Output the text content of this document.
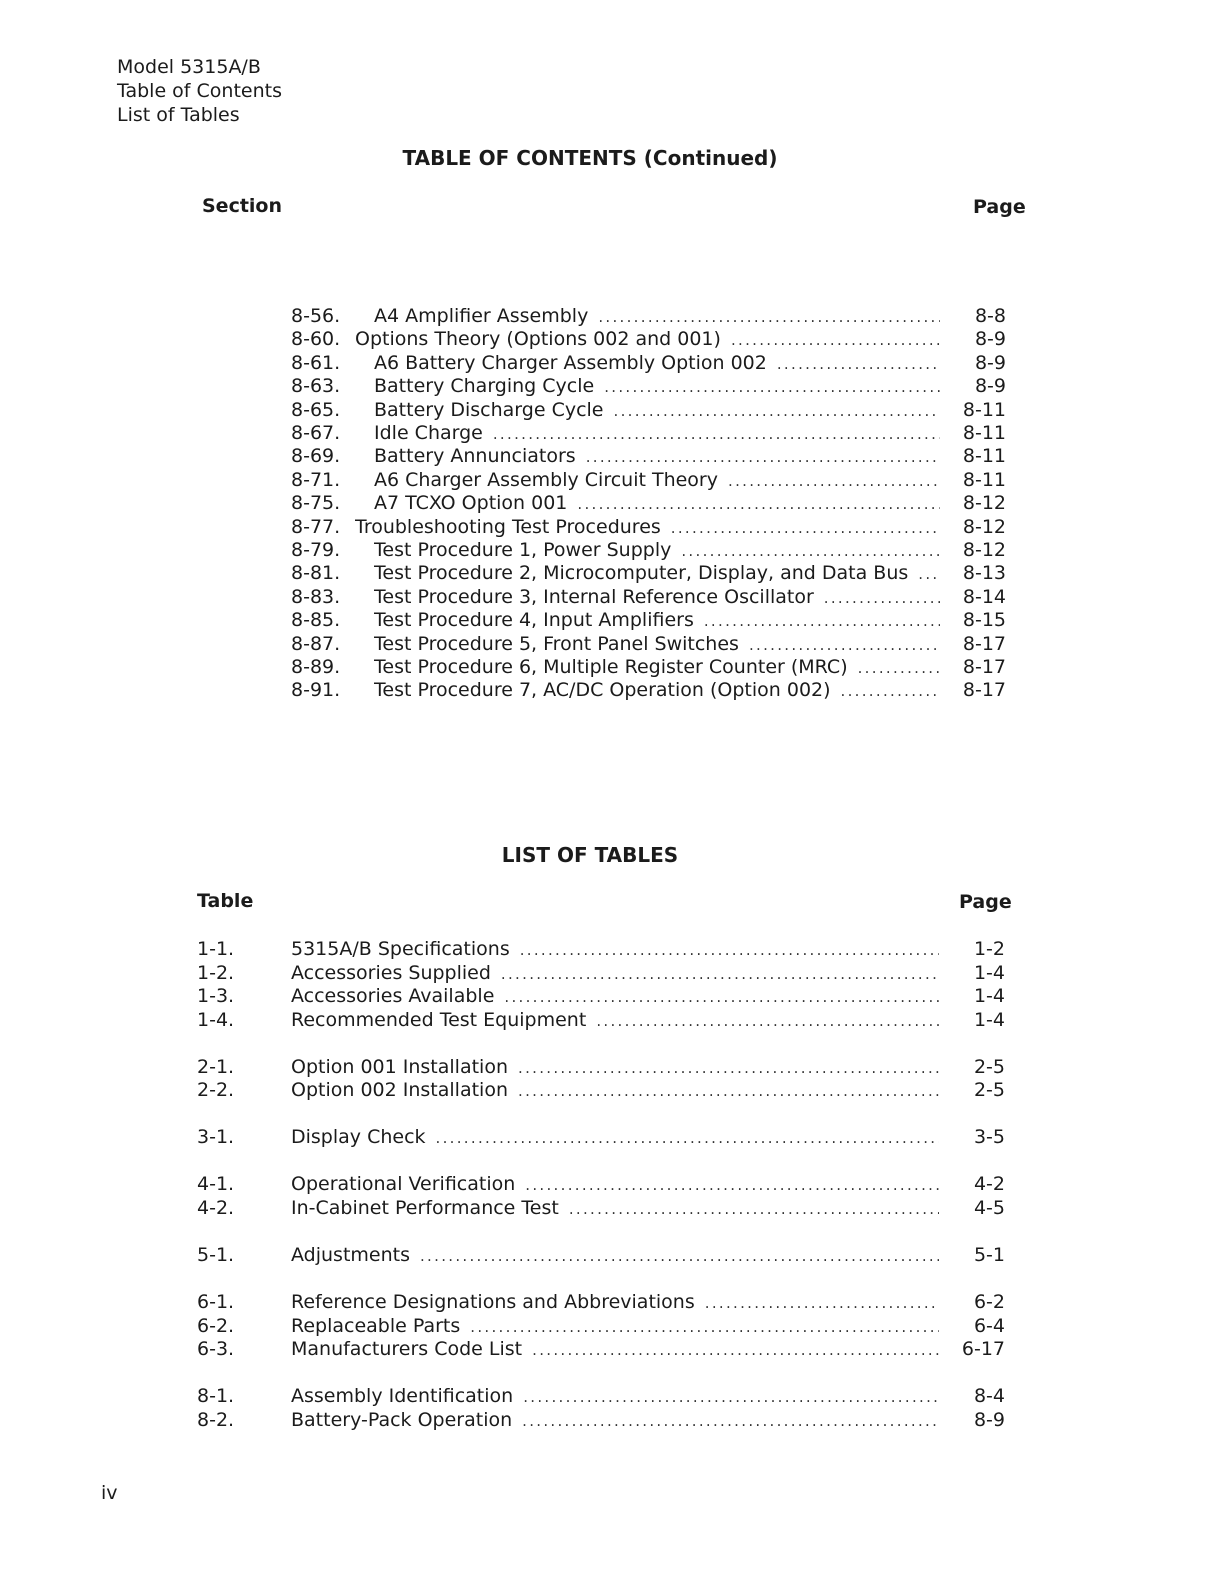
Model 5315A/B
Table of Contents
List of Tables
TABLE OF CONTENTS (Continued)
Section	Page
8-56. A4 Amplifier Assembly .....	8-8
8-60. Options Theory (Options 002 and 001) .....	8-9
8-61. A6 Battery Charger Assembly Option 002 .....	8-9
8-63. Battery Charging Cycle .....	8-9
8-65. Battery Discharge Cycle .....	8-11
8-67. Idle Charge .....	8-11
8-69. Battery Annunciators .....	8-11
8-71. A6 Charger Assembly Circuit Theory .....	8-11
8-75. A7 TCXO Option 001 .....	8-12
8-77. Troubleshooting Test Procedures .....	8-12
8-79. Test Procedure 1, Power Supply .....	8-12
8-81. Test Procedure 2, Microcomputer, Display, and Data Bus .....	8-13
8-83. Test Procedure 3, Internal Reference Oscillator .....	8-14
8-85. Test Procedure 4, Input Amplifiers .....	8-15
8-87. Test Procedure 5, Front Panel Switches .....	8-17
8-89. Test Procedure 6, Multiple Register Counter (MRC) .....	8-17
8-91. Test Procedure 7, AC/DC Operation (Option 002) .....	8-17
LIST OF TABLES
Table	Page
1-1.	5315A/B Specifications .....	1-2
1-2.	Accessories Supplied .....	1-4
1-3.	Accessories Available .....	1-4
1-4.	Recommended Test Equipment .....	1-4
2-1.	Option 001 Installation .....	2-5
2-2.	Option 002 Installation .....	2-5
3-1.	Display Check .....	3-5
4-1.	Operational Verification .....	4-2
4-2.	In-Cabinet Performance Test .....	4-5
5-1.	Adjustments .....	5-1
6-1.	Reference Designations and Abbreviations .....	6-2
6-2.	Replaceable Parts .....	6-4
6-3.	Manufacturers Code List .....	6-17
8-1.	Assembly Identification .....	8-4
8-2.	Battery-Pack Operation .....	8-9
iv
